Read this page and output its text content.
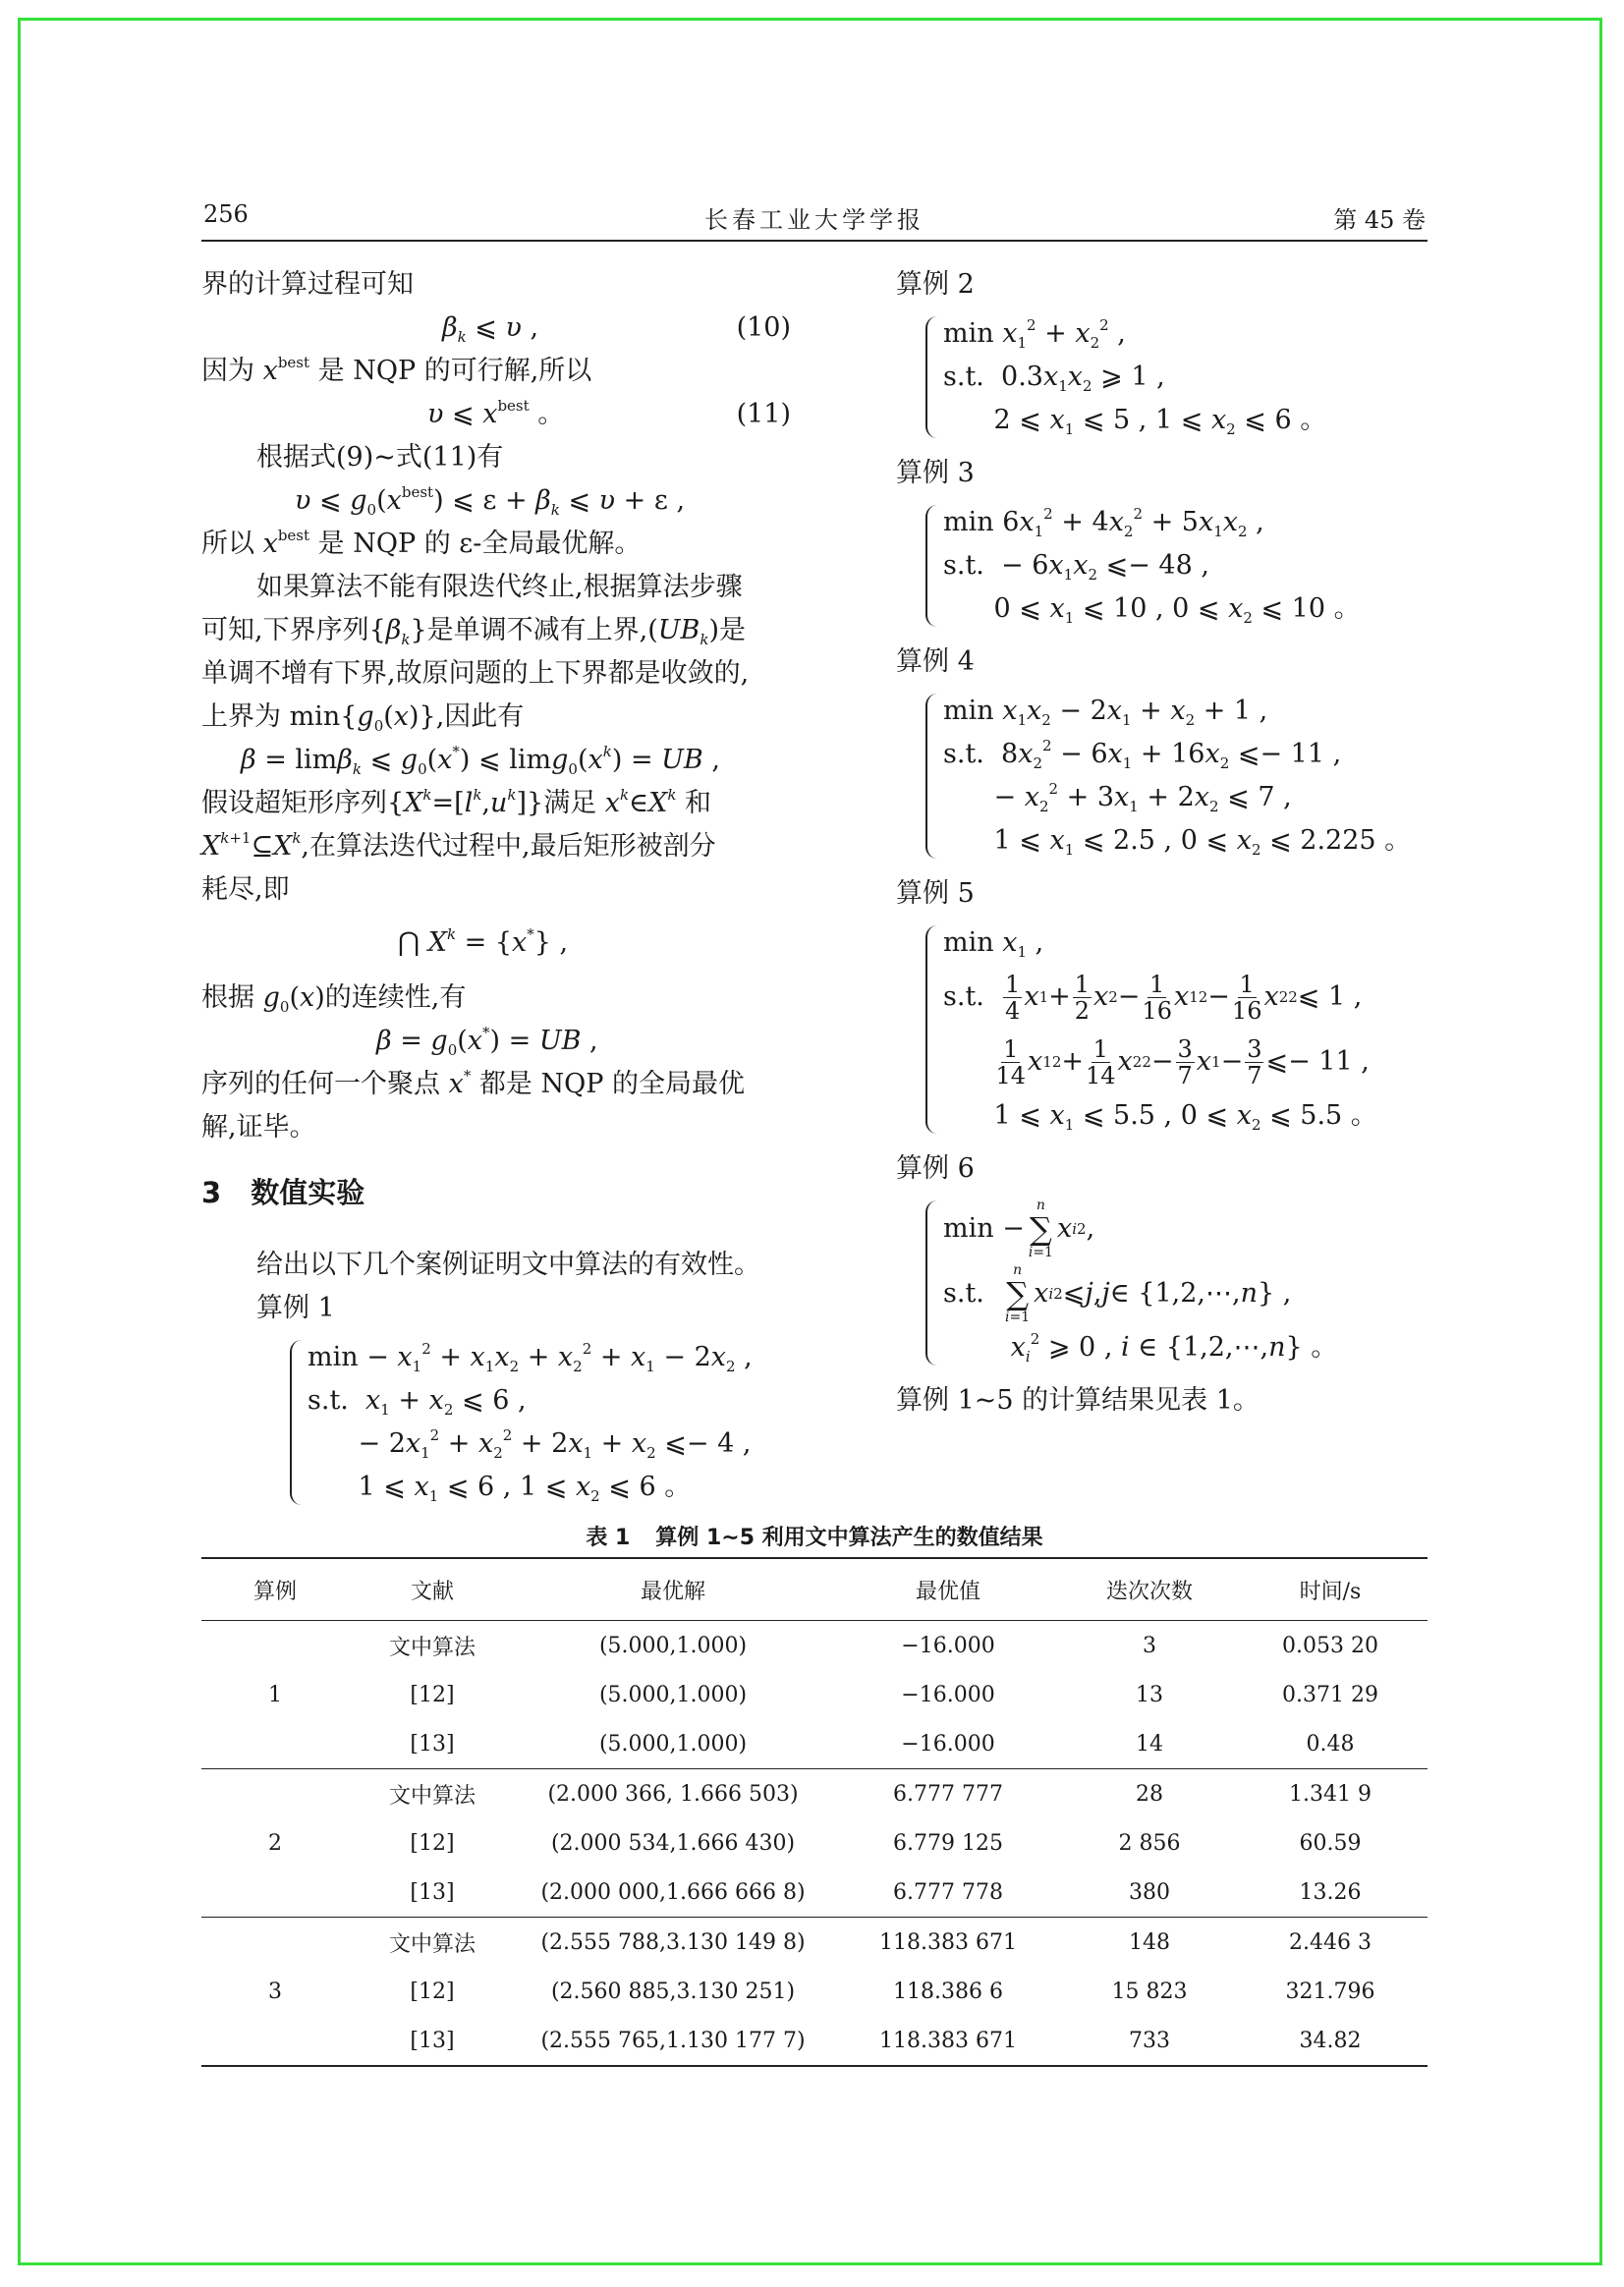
256	长春工业大学学报	第 45 卷

界的计算过程可知

$\beta_k$ ⩽ υ ,	(10)

因为 $x^{best}$ 是 NQP 的可行解,所以

υ ⩽ $x^{best}$ 。	(11)

根据式(9)~式(11)有

υ ⩽ $g_0(x^{best})$ ⩽ $\varepsilon + \beta_k$ ⩽ υ + ε ,

所以 $x^{best}$ 是 NQP 的 ε-全局最优解。

如果算法不能有限迭代终止,根据算法步骤

可知,下界序列$\{\beta_k\}$是单调不减有上界$,(UB_k)$是

单调不增有下界,故原问题的上下界都是收敛的,

上界为 $\min\{g_0(x)\}$,因此有

β = limβ$_k$ ⩽ $g_0(x^*)$ ⩽ $\lim g_0(x^k)$ = UB ,

假设超矩形序列$\{X^k=[l^k,u^k]\}$满足 $x^k\in X^k$ 和

$X^{k+1}⊆X^k$,在算法迭代过程中,最后矩形被剖分

耗尽,即

⋂ $X^k = \{x^*\}$ ,

根据 $g_0(x)$的连续性,有

$\beta = g_0(x^*)$ = UB ,

序列的任何一个聚点 x* 都是 NQP 的全局最优

解,证毕。

3 数值实验

给出以下几个案例证明文中算法的有效性。

算例 1

$\min - x_1^2 + x_1x_2 + x_2^2 + x_1 - 2x_2$ ,
s.t.  $x_1 + x_2$ ⩽ 6 ,
− $2x_1^2 + x_2^2 + 2x_1 + x_2$ ⩽− 4 ,
1 ⩽ $x_1$ ⩽ 6 , 1 ⩽ $x_2$ ⩽ 6 。

算例 2

$\min x_1^2 + x_2^2$ ,
s.t.  $0.3x_1x_2$ ⩾ 1 ,
2 ⩽ $x_1$ ⩽ 5 , 1 ⩽ $x_2$ ⩽ 6 。

算例 3

$\min 6x_1^2 + 4x_2^2 + 5x_1x_2$ ,
s.t.  − $6x_1x_2$ ⩽− 48 ,
0 ⩽ $x_1$ ⩽ 10 , 0 ⩽ $x_2$ ⩽ 10 。

算例 4

$\min x_1x_2 - 2x_1 + x_2 + 1$ ,
s.t.  $8x_2^2 - 6x_1 + 16x_2$ ⩽− 11 ,
− $x_2^2 + 3x_1 + 2x_2$ ⩽ 7 ,
1 ⩽ $x_1$ ⩽ 2.5 , 0 ⩽ $x_2$ ⩽ 2.225 。

算例 5

$\min x_1$ ,
s.t. $\frac{1}{4}$ x $1 + \frac{1}{2}$ x $2 - \frac{1}{16}$ x 1 $2 - \frac{1}{16}$ x 2 2 ⩽ 1 ,

$\frac{1}{14}$ x 1 $2 + \frac{1}{14}$ x 2 $2 - \frac{3}{7}$ x $1 - \frac{3}{7}$ ⩽− 11 ,
1 ⩽ $x_1$ ⩽ 5.5 , 0 ⩽ $x_2$ ⩽ 5.5 。

算例 6

min −
n
∑
i=1
x i 2 ,
s.t.
n
∑
i=1
x i 2 ⩽ j , j ∈ {1,2,⋯, n } ,
$x_i^2$ ⩾ 0 , i ∈ {1,2,⋯,n} 。

算例 1~5 的计算结果见表 1。

表 1 算例 1~5 利用文中算法产生的数值结果
算例	文献	最优解	最优值	迭次次数	时间/s
1	文中算法	(5.000,1.000)	−16.000	3	0.053 20
	[12]	(5.000,1.000)	−16.000	13	0.371 29
	[13]	(5.000,1.000)	−16.000	14	0.48
2	文中算法	(2.000 366, 1.666 503)	6.777 777	28	1.341 9
	[12]	(2.000 534,1.666 430)	6.779 125	2 856	60.59
	[13]	(2.000 000,1.666 666 8)	6.777 778	380	13.26
3	文中算法	(2.555 788,3.130 149 8)	118.383 671	148	2.446 3
	[12]	(2.560 885,3.130 251)	118.386 6	15 823	321.796
	[13]	(2.555 765,1.130 177 7)	118.383 671	733	34.82
